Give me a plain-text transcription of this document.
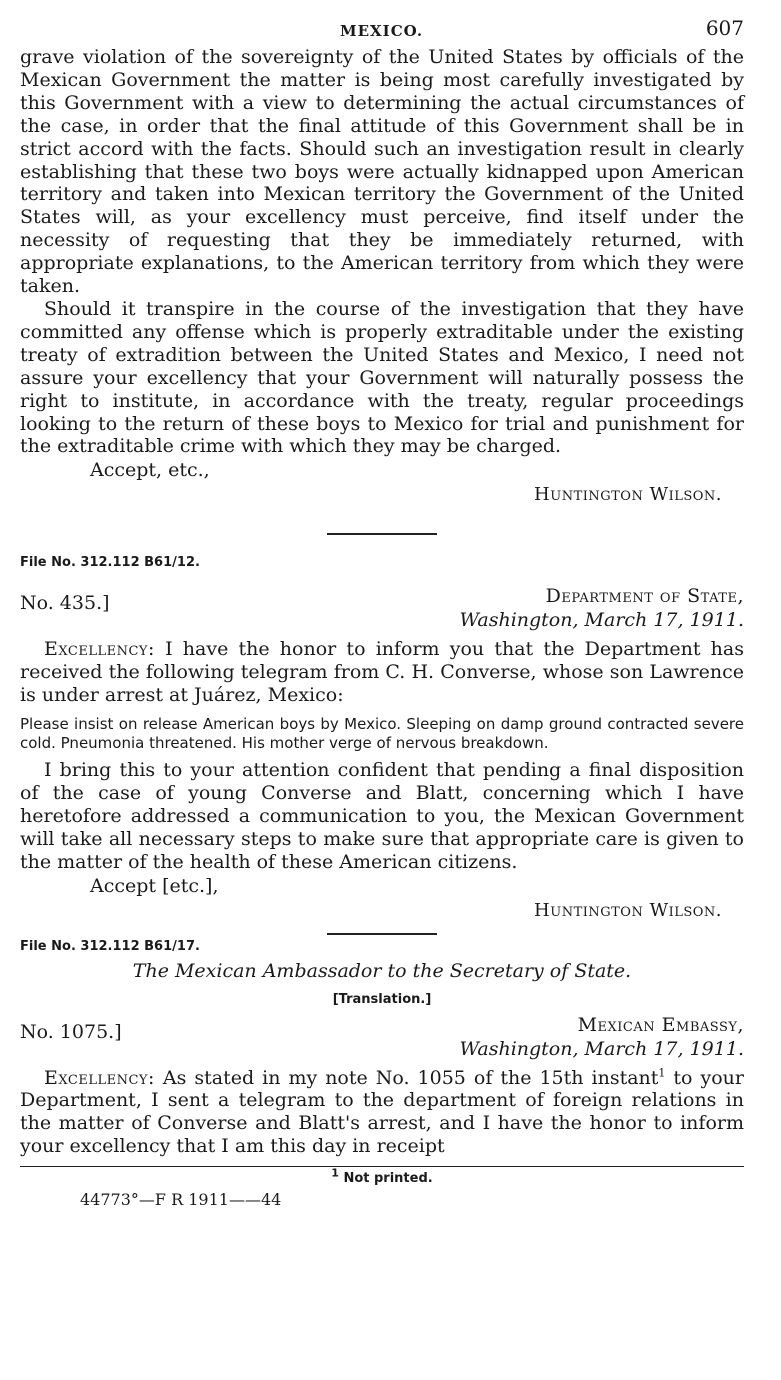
MEXICO.	607

grave violation of the sovereignty of the United States by officials of the Mexican Government the matter is being most carefully investigated by this Government with a view to determining the actual circumstances of the case, in order that the final attitude of this Government shall be in strict accord with the facts. Should such an investigation result in clearly establishing that these two boys were actually kidnapped upon American territory and taken into Mexican territory the Government of the United States will, as your excellency must perceive, find itself under the necessity of requesting that they be immediately returned, with appropriate explanations, to the American territory from which they were taken.

Should it transpire in the course of the investigation that they have committed any offense which is properly extraditable under the existing treaty of extradition between the United States and Mexico, I need not assure your excellency that your Government will naturally possess the right to institute, in accordance with the treaty, regular proceedings looking to the return of these boys to Mexico for trial and punishment for the extraditable crime with which they may be charged.

Accept, etc.,

Huntington Wilson.
File No. 312.112 B61/12.
No. 435.]	Department of State,
Washington, March 17, 1911.

Excellency: I have the honor to inform you that the Department has received the following telegram from C. H. Converse, whose son Lawrence is under arrest at Juárez, Mexico:

Please insist on release American boys by Mexico. Sleeping on damp ground contracted severe cold. Pneumonia threatened. His mother verge of nervous breakdown.

I bring this to your attention confident that pending a final disposition of the case of young Converse and Blatt, concerning which I have heretofore addressed a communication to you, the Mexican Government will take all necessary steps to make sure that appropriate care is given to the matter of the health of these American citizens.

Accept [etc.],

Huntington Wilson.
File No. 312.112 B61/17.

The Mexican Ambassador to the Secretary of State.

[Translation.]
No. 1075.]	Mexican Embassy,
Washington, March 17, 1911.

Excellency: As stated in my note No. 1055 of the 15th instant$^1$ to your Department, I sent a telegram to the department of foreign relations in the matter of Converse and Blatt's arrest, and I have the honor to inform your excellency that I am this day in receipt

$^1$ Not printed.
44773°—F R 1911——44
